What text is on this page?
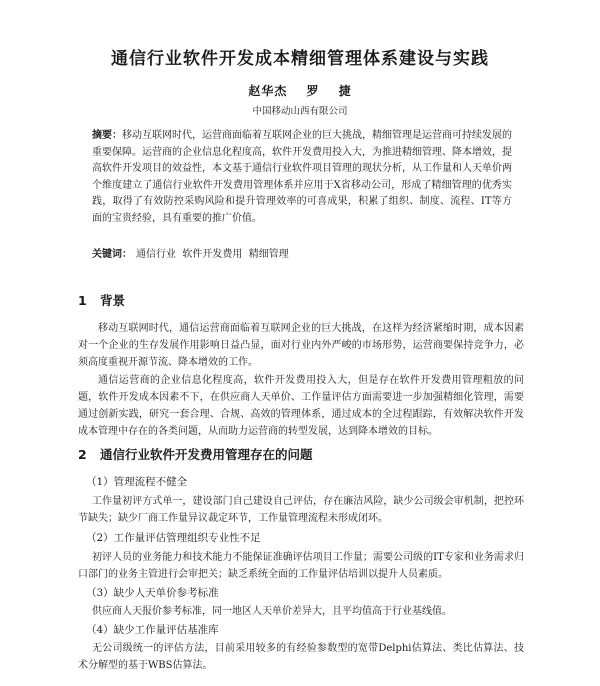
通信行业软件开发成本精细管理体系建设与实践
赵华杰 罗 捷
中国移动山西有限公司
摘要：移动互联网时代，运营商面临着互联网企业的巨大挑战，精细管理是运营商可持续发展的重要保障。运营商的企业信息化程度高，软件开发费用投入大，为推进精细管理、降本增效，提高软件开发项目的效益性，本文基于通信行业软件项目管理的现状分析，从工作量和人天单价两个维度建立了通信行业软件开发费用管理体系并应用于X省移动公司，形成了精细管理的优秀实践，取得了有效防控采购风险和提升管理效率的可喜成果，积累了组织、制度、流程、IT等方面的宝贵经验，具有重要的推广价值。
关键词： 通信行业  软件开发费用  精细管理
1 背景

移动互联网时代，通信运营商面临着互联网企业的巨大挑战，在这样为经济紧缩时期，成本因素对一个企业的生存发展作用影响日益凸显，面对行业内外严峻的市场形势，运营商要保持竞争力，必须高度重视开源节流、降本增效的工作。

通信运营商的企业信息化程度高，软件开发费用投入大，但是存在软件开发费用管理粗放的问题，软件开发成本因素不下，在供应商人天单价、工作量评估方面需要进一步加强精细化管理，需要通过创新实践，研究一套合理、合规、高效的管理体系，通过成本的全过程跟踪，有效解决软件开发成本管理中存在的各类问题，从而助力运营商的转型发展，达到降本增效的目标。

2 通信行业软件开发费用管理存在的问题
（1）管理流程不健全

工作量初评方式单一，建设部门自己建设自己评估，存在廉洁风险，缺少公司级会审机制，把控环节缺失；缺少厂商工作量异议裁定环节，工作量管理流程未形成闭环。

（2）工作量评估管理组织专业性不足

初评人员的业务能力和技术能力不能保证准确评估项目工作量；需要公司级的IT专家和业务需求归口部门的业务主管进行会审把关；缺乏系统全面的工作量评估培训以提升人员素质。

（3）缺少人天单价参考标准

供应商人天报价参考标准，同一地区人天单价差异大，且平均值高于行业基线值。

（4）缺少工作量评估基准库

无公司级统一的评估方法，目前采用较多的有经验参数型的宽带Delphi估算法、类比估算法、技术分解型的基于WBS估算法。
